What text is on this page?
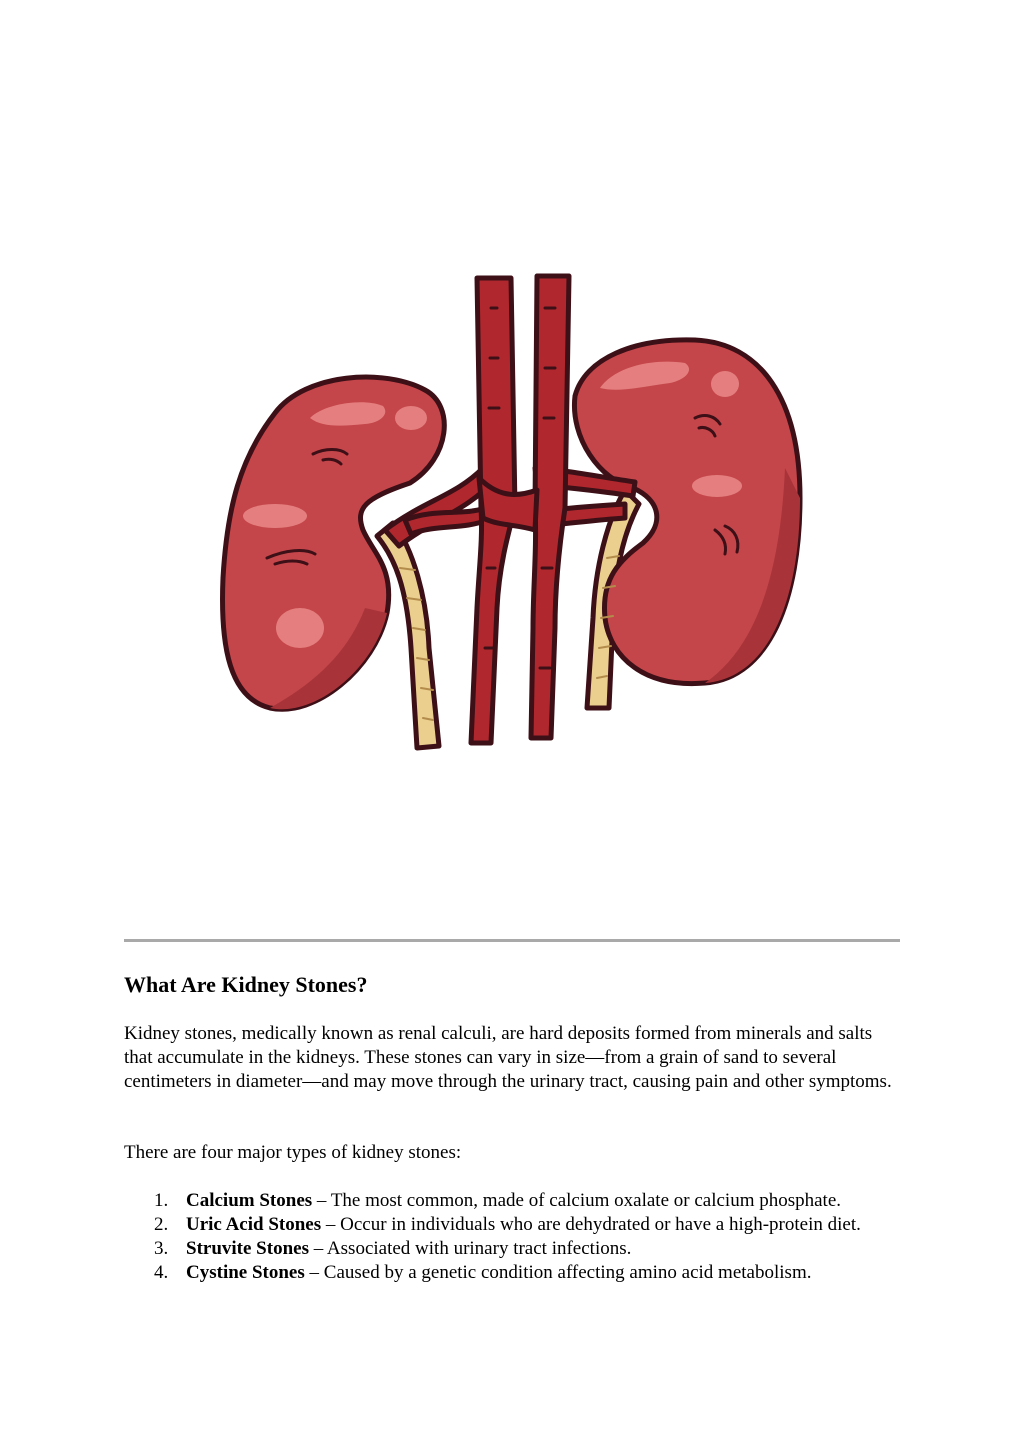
What Are Kidney Stones?

Kidney stones, medically known as renal calculi, are hard deposits formed from minerals and salts that accumulate in the kidneys. These stones can vary in size—from a grain of sand to several centimeters in diameter—and may move through the urinary tract, causing pain and other symptoms.

There are four major types of kidney stones:

1. Calcium Stones – The most common, made of calcium oxalate or calcium phosphate.
2. Uric Acid Stones – Occur in individuals who are dehydrated or have a high-protein diet.
3. Struvite Stones – Associated with urinary tract infections.
4. Cystine Stones – Caused by a genetic condition affecting amino acid metabolism.
